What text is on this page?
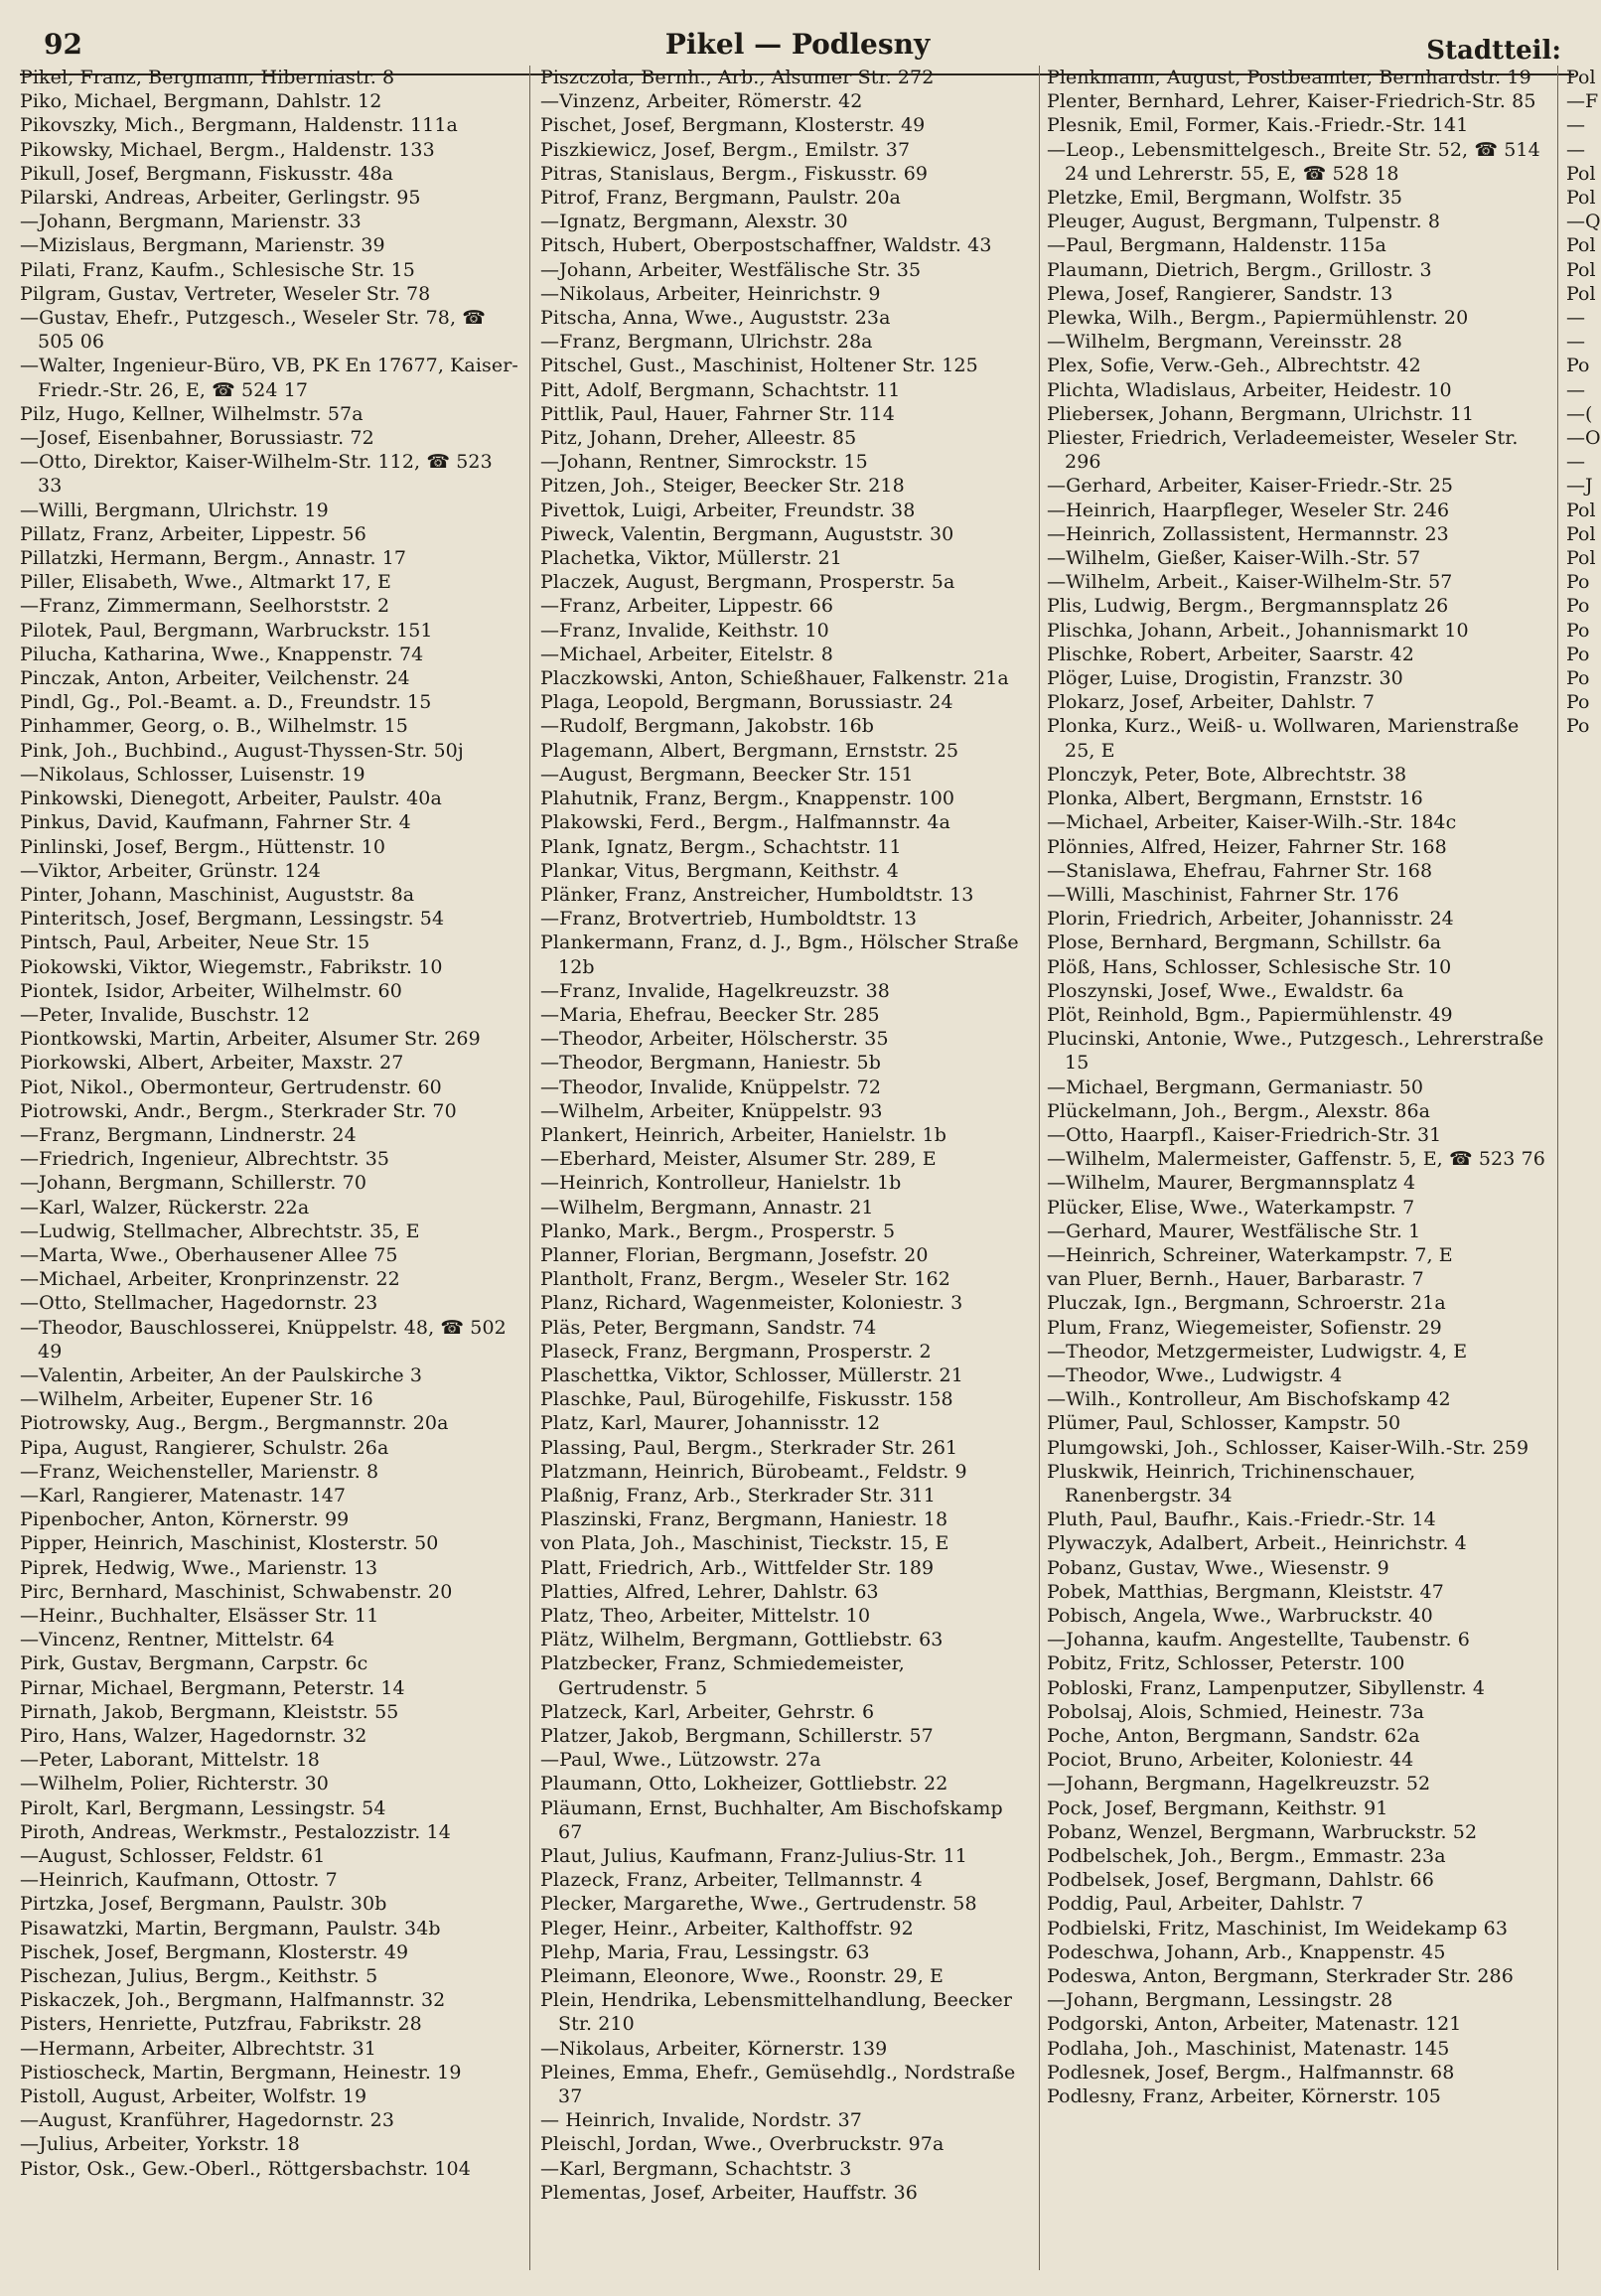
92	Pikel — Podlesny	Stadtteil:

Pikel, Franz, Bergmann, Hiberniastr. 8

Piko, Michael, Bergmann, Dahlstr. 12

Pikovszky, Mich., Bergmann, Haldenstr. 111a

Pikowsky, Michael, Bergm., Haldenstr. 133

Pikull, Josef, Bergmann, Fiskusstr. 48a

Pilarski, Andreas, Arbeiter, Gerlingstr. 95

—Johann, Bergmann, Marienstr. 33

—Mizislaus, Bergmann, Marienstr. 39

Pilati, Franz, Kaufm., Schlesische Str. 15

Pilgram, Gustav, Vertreter, Weseler Str. 78

—Gustav, Ehefr., Putzgesch., Weseler Str. 78, ☎ 505 06

—Walter, Ingenieur-Büro, VB, PK En 17677, Kaiser-Friedr.-Str. 26, E, ☎ 524 17

Pilz, Hugo, Kellner, Wilhelmstr. 57a

—Josef, Eisenbahner, Borussiastr. 72

—Otto, Direktor, Kaiser-Wilhelm-Str. 112, ☎ 523 33

—Willi, Bergmann, Ulrichstr. 19

Pillatz, Franz, Arbeiter, Lippestr. 56

Pillatzki, Hermann, Bergm., Annastr. 17

Piller, Elisabeth, Wwe., Altmarkt 17, E

—Franz, Zimmermann, Seelhorststr. 2

Pilotek, Paul, Bergmann, Warbruckstr. 151

Pilucha, Katharina, Wwe., Knappenstr. 74

Pinczak, Anton, Arbeiter, Veilchenstr. 24

Pindl, Gg., Pol.-Beamt. a. D., Freundstr. 15

Pinhammer, Georg, o. B., Wilhelmstr. 15

Pink, Joh., Buchbind., August-Thyssen-Str. 50j

—Nikolaus, Schlosser, Luisenstr. 19

Pinkowski, Dienegott, Arbeiter, Paulstr. 40a

Pinkus, David, Kaufmann, Fahrner Str. 4

Pinlinski, Josef, Bergm., Hüttenstr. 10

—Viktor, Arbeiter, Grünstr. 124

Pinter, Johann, Maschinist, Auguststr. 8a

Pinteritsch, Josef, Bergmann, Lessingstr. 54

Pintsch, Paul, Arbeiter, Neue Str. 15

Piokowski, Viktor, Wiegemstr., Fabrikstr. 10

Piontek, Isidor, Arbeiter, Wilhelmstr. 60

—Peter, Invalide, Buschstr. 12

Piontkowski, Martin, Arbeiter, Alsumer Str. 269

Piorkowski, Albert, Arbeiter, Maxstr. 27

Piot, Nikol., Obermonteur, Gertrudenstr. 60

Piotrowski, Andr., Bergm., Sterkrader Str. 70

—Franz, Bergmann, Lindnerstr. 24

—Friedrich, Ingenieur, Albrechtstr. 35

—Johann, Bergmann, Schillerstr. 70

—Karl, Walzer, Rückerstr. 22a

—Ludwig, Stellmacher, Albrechtstr. 35, E

—Marta, Wwe., Oberhausener Allee 75

—Michael, Arbeiter, Kronprinzenstr. 22

—Otto, Stellmacher, Hagedornstr. 23

—Theodor, Bauschlosserei, Knüppelstr. 48, ☎ 502 49

—Valentin, Arbeiter, An der Paulskirche 3

—Wilhelm, Arbeiter, Eupener Str. 16

Piotrowsky, Aug., Bergm., Bergmannstr. 20a

Pipa, August, Rangierer, Schulstr. 26a

—Franz, Weichensteller, Marienstr. 8

—Karl, Rangierer, Matenastr. 147

Pipenbocher, Anton, Körnerstr. 99

Pipper, Heinrich, Maschinist, Klosterstr. 50

Piprek, Hedwig, Wwe., Marienstr. 13

Pirc, Bernhard, Maschinist, Schwabenstr. 20

—Heinr., Buchhalter, Elsässer Str. 11

—Vincenz, Rentner, Mittelstr. 64

Pirk, Gustav, Bergmann, Carpstr. 6c

Pirnar, Michael, Bergmann, Peterstr. 14

Pirnath, Jakob, Bergmann, Kleiststr. 55

Piro, Hans, Walzer, Hagedornstr. 32

—Peter, Laborant, Mittelstr. 18

—Wilhelm, Polier, Richterstr. 30

Pirolt, Karl, Bergmann, Lessingstr. 54

Piroth, Andreas, Werkmstr., Pestalozzistr. 14

—August, Schlosser, Feldstr. 61

—Heinrich, Kaufmann, Ottostr. 7

Pirtzka, Josef, Bergmann, Paulstr. 30b

Pisawatzki, Martin, Bergmann, Paulstr. 34b

Pischek, Josef, Bergmann, Klosterstr. 49

Pischezan, Julius, Bergm., Keithstr. 5

Piskaczek, Joh., Bergmann, Halfmannstr. 32

Pisters, Henriette, Putzfrau, Fabrikstr. 28

—Hermann, Arbeiter, Albrechtstr. 31

Pistioscheck, Martin, Bergmann, Heinestr. 19

Pistoll, August, Arbeiter, Wolfstr. 19

—August, Kranführer, Hagedornstr. 23

—Julius, Arbeiter, Yorkstr. 18

Pistor, Osk., Gew.-Oberl., Röttgersbachstr. 104

Piszczola, Bernh., Arb., Alsumer Str. 272

—Vinzenz, Arbeiter, Römerstr. 42

Pischet, Josef, Bergmann, Klosterstr. 49

Piszkiewicz, Josef, Bergm., Emilstr. 37

Pitras, Stanislaus, Bergm., Fiskusstr. 69

Pitrof, Franz, Bergmann, Paulstr. 20a

—Ignatz, Bergmann, Alexstr. 30

Pitsch, Hubert, Oberpostschaffner, Waldstr. 43

—Johann, Arbeiter, Westfälische Str. 35

—Nikolaus, Arbeiter, Heinrichstr. 9

Pitscha, Anna, Wwe., Auguststr. 23a

—Franz, Bergmann, Ulrichstr. 28a

Pitschel, Gust., Maschinist, Holtener Str. 125

Pitt, Adolf, Bergmann, Schachtstr. 11

Pittlik, Paul, Hauer, Fahrner Str. 114

Pitz, Johann, Dreher, Alleestr. 85

—Johann, Rentner, Simrockstr. 15

Pitzen, Joh., Steiger, Beecker Str. 218

Pivettok, Luigi, Arbeiter, Freundstr. 38

Piweck, Valentin, Bergmann, Auguststr. 30

Plachetka, Viktor, Müllerstr. 21

Placzek, August, Bergmann, Prosperstr. 5a

—Franz, Arbeiter, Lippestr. 66

—Franz, Invalide, Keithstr. 10

—Michael, Arbeiter, Eitelstr. 8

Placzkowski, Anton, Schießhauer, Falkenstr. 21a

Plaga, Leopold, Bergmann, Borussiastr. 24

—Rudolf, Bergmann, Jakobstr. 16b

Plagemann, Albert, Bergmann, Ernststr. 25

—August, Bergmann, Beecker Str. 151

Plahutnik, Franz, Bergm., Knappenstr. 100

Plakowski, Ferd., Bergm., Halfmannstr. 4a

Plank, Ignatz, Bergm., Schachtstr. 11

Plankar, Vitus, Bergmann, Keithstr. 4

Plänker, Franz, Anstreicher, Humboldtstr. 13

—Franz, Brotvertrieb, Humboldtstr. 13

Plankermann, Franz, d. J., Bgm., Hölscher Straße 12b

—Franz, Invalide, Hagelkreuzstr. 38

—Maria, Ehefrau, Beecker Str. 285

—Theodor, Arbeiter, Hölscherstr. 35

—Theodor, Bergmann, Haniestr. 5b

—Theodor, Invalide, Knüppelstr. 72

—Wilhelm, Arbeiter, Knüppelstr. 93

Plankert, Heinrich, Arbeiter, Hanielstr. 1b

—Eberhard, Meister, Alsumer Str. 289, E

—Heinrich, Kontrolleur, Hanielstr. 1b

—Wilhelm, Bergmann, Annastr. 21

Planko, Mark., Bergm., Prosperstr. 5

Planner, Florian, Bergmann, Josefstr. 20

Plantholt, Franz, Bergm., Weseler Str. 162

Planz, Richard, Wagenmeister, Koloniestr. 3

Pläs, Peter, Bergmann, Sandstr. 74

Plaseck, Franz, Bergmann, Prosperstr. 2

Plaschettka, Viktor, Schlosser, Müllerstr. 21

Plaschke, Paul, Bürogehilfe, Fiskusstr. 158

Platz, Karl, Maurer, Johannisstr. 12

Plassing, Paul, Bergm., Sterkrader Str. 261

Platzmann, Heinrich, Bürobeamt., Feldstr. 9

Plaßnig, Franz, Arb., Sterkrader Str. 311

Plaszinski, Franz, Bergmann, Haniestr. 18

von Plata, Joh., Maschinist, Tieckstr. 15, E

Platt, Friedrich, Arb., Wittfelder Str. 189

Platties, Alfred, Lehrer, Dahlstr. 63

Platz, Theo, Arbeiter, Mittelstr. 10

Plätz, Wilhelm, Bergmann, Gottliebstr. 63

Platzbecker, Franz, Schmiedemeister, Gertrudenstr. 5

Platzeck, Karl, Arbeiter, Gehrstr. 6

Platzer, Jakob, Bergmann, Schillerstr. 57

—Paul, Wwe., Lützowstr. 27a

Plaumann, Otto, Lokheizer, Gottliebstr. 22

Pläumann, Ernst, Buchhalter, Am Bischofskamp 67

Plaut, Julius, Kaufmann, Franz-Julius-Str. 11

Plazeck, Franz, Arbeiter, Tellmannstr. 4

Plecker, Margarethe, Wwe., Gertrudenstr. 58

Pleger, Heinr., Arbeiter, Kalthoffstr. 92

Plehp, Maria, Frau, Lessingstr. 63

Pleimann, Eleonore, Wwe., Roonstr. 29, E

Plein, Hendrika, Lebensmittelhandlung, Beecker Str. 210

—Nikolaus, Arbeiter, Körnerstr. 139

Pleines, Emma, Ehefr., Gemüsehdlg., Nordstraße 37

— Heinrich, Invalide, Nordstr. 37

Pleischl, Jordan, Wwe., Overbruckstr. 97a

—Karl, Bergmann, Schachtstr. 3

Plementas, Josef, Arbeiter, Hauffstr. 36

Plenkmann, August, Postbeamter, Bernhardstr. 19

Plenter, Bernhard, Lehrer, Kaiser-Friedrich-Str. 85

Plesnik, Emil, Former, Kais.-Friedr.-Str. 141

—Leop., Lebensmittelgesch., Breite Str. 52, ☎ 514 24 und Lehrerstr. 55, E, ☎ 528 18

Pletzke, Emil, Bergmann, Wolfstr. 35

Pleuger, August, Bergmann, Tulpenstr. 8

—Paul, Bergmann, Haldenstr. 115a

Plaumann, Dietrich, Bergm., Grillostr. 3

Plewa, Josef, Rangierer, Sandstr. 13

Plewka, Wilh., Bergm., Papiermühlenstr. 20

—Wilhelm, Bergmann, Vereinsstr. 28

Plex, Sofie, Verw.-Geh., Albrechtstr. 42

Plichta, Wladislaus, Arbeiter, Heidestr. 10

Plieberseк, Johann, Bergmann, Ulrichstr. 11

Pliester, Friedrich, Verladeemeister, Weseler Str. 296

—Gerhard, Arbeiter, Kaiser-Friedr.-Str. 25

—Heinrich, Haarpfleger, Weseler Str. 246

—Heinrich, Zollassistent, Hermannstr. 23

—Wilhelm, Gießer, Kaiser-Wilh.-Str. 57

—Wilhelm, Arbeit., Kaiser-Wilhelm-Str. 57

Plis, Ludwig, Bergm., Bergmannsplatz 26

Plischka, Johann, Arbeit., Johannismarkt 10

Plischke, Robert, Arbeiter, Saarstr. 42

Plöger, Luise, Drogistin, Franzstr. 30

Plokarz, Josef, Arbeiter, Dahlstr. 7

Plonka, Kurz., Weiß- u. Wollwaren, Marienstraße 25, E

Plonczyk, Peter, Bote, Albrechtstr. 38

Plonka, Albert, Bergmann, Ernststr. 16

—Michael, Arbeiter, Kaiser-Wilh.-Str. 184c

Plönnies, Alfred, Heizer, Fahrner Str. 168

—Stanislawa, Ehefrau, Fahrner Str. 168

—Willi, Maschinist, Fahrner Str. 176

Plorin, Friedrich, Arbeiter, Johannisstr. 24

Plose, Bernhard, Bergmann, Schillstr. 6a

Plöß, Hans, Schlosser, Schlesische Str. 10

Ploszynski, Josef, Wwe., Ewaldstr. 6a

Plöt, Reinhold, Bgm., Papiermühlenstr. 49

Plucinski, Antonie, Wwe., Putzgesch., Lehrerstraße 15

—Michael, Bergmann, Germaniastr. 50

Plückelmann, Joh., Bergm., Alexstr. 86a

—Otto, Haarpfl., Kaiser-Friedrich-Str. 31

—Wilhelm, Malermeister, Gaffenstr. 5, E, ☎ 523 76

—Wilhelm, Maurer, Bergmannsplatz 4

Plücker, Elise, Wwe., Waterkampstr. 7

—Gerhard, Maurer, Westfälische Str. 1

—Heinrich, Schreiner, Waterkampstr. 7, E

van Pluer, Bernh., Hauer, Barbarastr. 7

Pluczak, Ign., Bergmann, Schroerstr. 21a

Plum, Franz, Wiegemeister, Sofienstr. 29

—Theodor, Metzgermeister, Ludwigstr. 4, E

—Theodor, Wwe., Ludwigstr. 4

—Wilh., Kontrolleur, Am Bischofskamp 42

Plümer, Paul, Schlosser, Kampstr. 50

Plumgowski, Joh., Schlosser, Kaiser-Wilh.-Str. 259

Pluskwik, Heinrich, Trichinenschauer, Ranenbergstr. 34

Pluth, Paul, Baufhr., Kais.-Friedr.-Str. 14

Plywaczyk, Adalbert, Arbeit., Heinrichstr. 4

Pobanz, Gustav, Wwe., Wiesenstr. 9

Pobek, Matthias, Bergmann, Kleiststr. 47

Pobisch, Angela, Wwe., Warbruckstr. 40

—Johanna, kaufm. Angestellte, Taubenstr. 6

Pobitz, Fritz, Schlosser, Peterstr. 100

Pobloski, Franz, Lampenputzer, Sibyllenstr. 4

Pobolsaj, Alois, Schmied, Heinestr. 73a

Poche, Anton, Bergmann, Sandstr. 62a

Pociot, Bruno, Arbeiter, Koloniestr. 44

—Johann, Bergmann, Hagelkreuzstr. 52

Pock, Josef, Bergmann, Keithstr. 91

Pobanz, Wenzel, Bergmann, Warbruckstr. 52

Podbelschek, Joh., Bergm., Emmastr. 23a

Podbelsek, Josef, Bergmann, Dahlstr. 66

Poddig, Paul, Arbeiter, Dahlstr. 7

Podbielski, Fritz, Maschinist, Im Weidekamp 63

Podeschwa, Johann, Arb., Knappenstr. 45

Podeswa, Anton, Bergmann, Sterkrader Str. 286

—Johann, Bergmann, Lessingstr. 28

Podgorski, Anton, Arbeiter, Matenastr. 121

Podlaha, Joh., Maschinist, Matenastr. 145

Podlesnek, Josef, Bergm., Halfmannstr. 68

Podlesny, Franz, Arbeiter, Körnerstr. 105

Pol

—F

—

—

Pol

Pol

—Q

Pol

Pol

Pol

—

—

Po

—

—(

—O

—

—J

Pol

Pol

Pol

Po

Po

Po

Po

Po

Po

Po
